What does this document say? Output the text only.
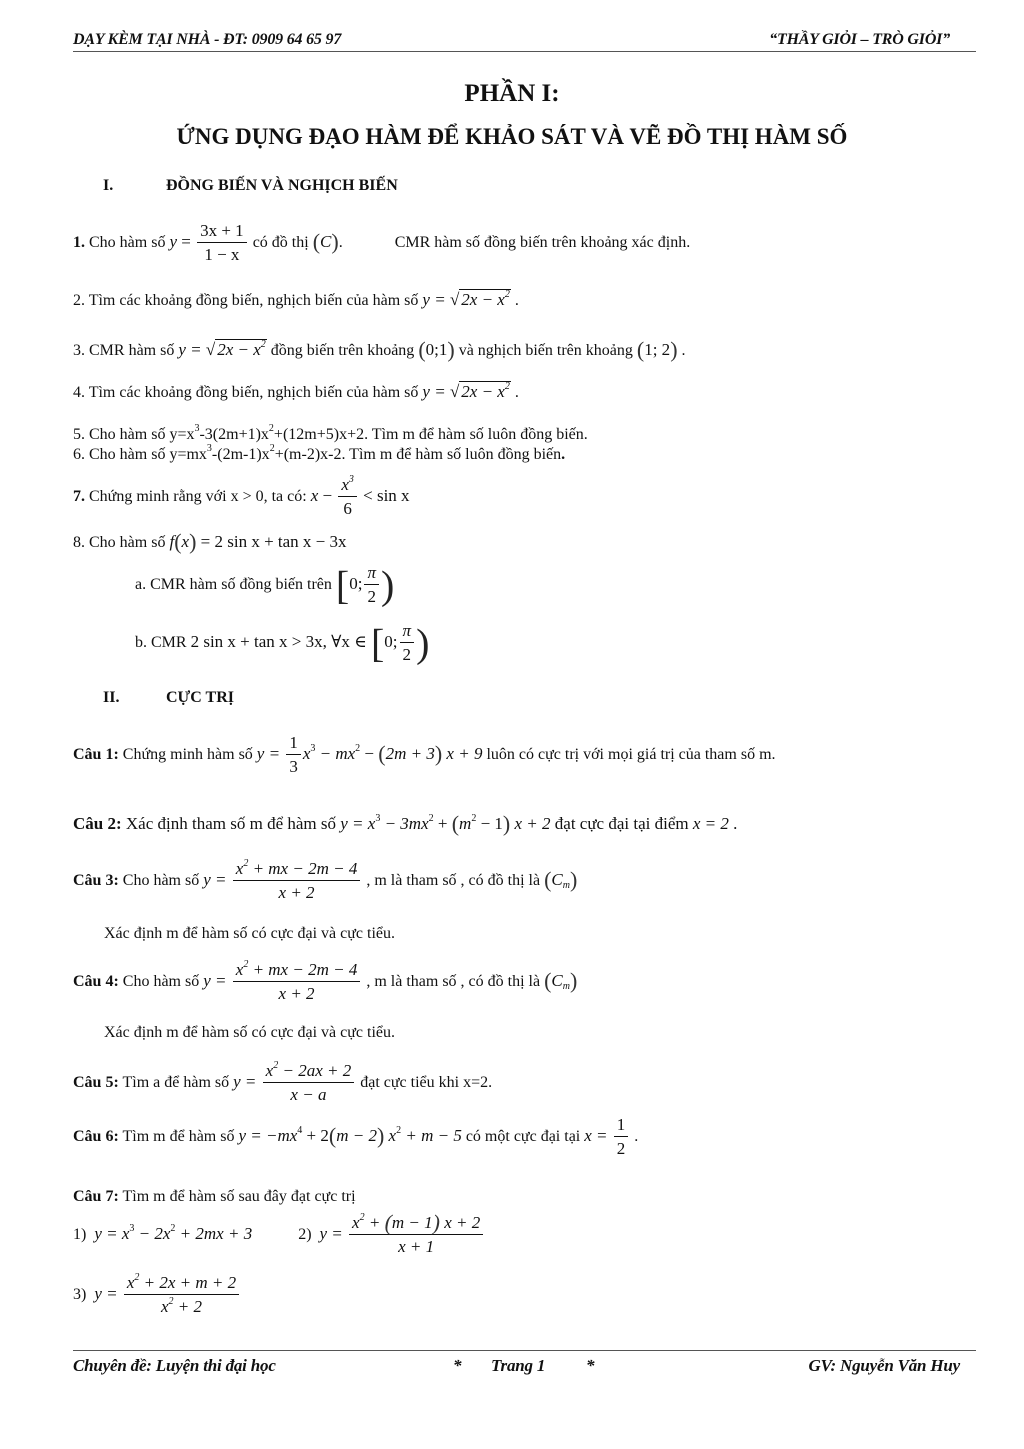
DẠY KÈM TẠI NHÀ - ĐT: 0909 64 65 97	“THẦY GIỎI – TRÒ GIỎI”
PHẦN I:
ỨNG DỤNG ĐẠO HÀM ĐỂ KHẢO SÁT VÀ VẼ ĐỒ THỊ HÀM SỐ
I.	ĐỒNG BIẾN VÀ NGHỊCH BIẾN
1. Cho hàm số $y = \frac{3x + 1}{1 - x}$ có đồ thị (C).	CMR hàm số đồng biến trên khoảng xác định.
2. Tìm các khoảng đồng biến, nghịch biến của hàm số y = √ $2x - x^2$ .
3. CMR hàm số y = √ $2x - x^2$ đồng biến trên khoảng (0;1) và nghịch biến trên khoảng (1; 2) .
4. Tìm các khoảng đồng biến, nghịch biến của hàm số y = √ $2x - x^2$ .
5. Cho hàm số $y=x^3-3(2m+1)x^2+(12m+5)x+2$. Tìm m để hàm số luôn đồng biến.
6. Cho hàm số $y=mx^3-(2m-1)x^2+(m-2)x-2$. Tìm m để hàm số luôn đồng biến.
7. Chứng minh rằng với x > 0, ta có: $x - \frac{x^3}{6} < \sin x$
8. Cho hàm số f(x) = 2 sin x + tan x − 3x
a. CMR hàm số đồng biến trên [0; $\frac{\pi}{2}$ )
b. CMR 2 sin x + tan x > 3x, ∀x ∈ [0; $\frac{\pi}{2}$ )
II.	CỰC TRỊ
Câu 1: Chứng minh hàm số $y = \frac{1}{3} x^3 - mx^2 - (2m + 3) x + 9$ luôn có cực trị với mọi giá trị của tham số m.
Câu 2: Xác định tham số m để hàm số $y = x^3 - 3mx^2 + (m^2 - 1) x + 2$ đạt cực đại tại điểm x = 2 .
Câu 3: Cho hàm số $y = \frac{x^2 + mx - 2m - 4}{x + 2}$ , m là tham số , có đồ thị là $(C_m)$
Xác định m để hàm số có cực đại và cực tiểu.
Câu 4: Cho hàm số $y = \frac{x^2 + mx - 2m - 4}{x + 2}$ , m là tham số , có đồ thị là $(C_m)$
Xác định m để hàm số có cực đại và cực tiểu.
Câu 5: Tìm a để hàm số $y = \frac{x^2 - 2ax + 2}{x - a}$ đạt cực tiểu khi x=2.
Câu 6: Tìm m để hàm số $y = -mx^4 + 2(m - 2) x^2 + m - 5$ có một cực đại tại $x = \frac{1}{2}$ .
Câu 7: Tìm m để hàm số sau đây đạt cực trị
1) $y = x^3 - 2x^2 + 2mx + 3$	2) $y = \frac{x^2 + (m - 1) x + 2}{x + 1}$
3) $y = \frac{x^2 + 2x + m + 2}{x^2 + 2}$
Chuyên đề: Luyện thi đại học	* Trang 1 *	GV: Nguyễn Văn Huy
